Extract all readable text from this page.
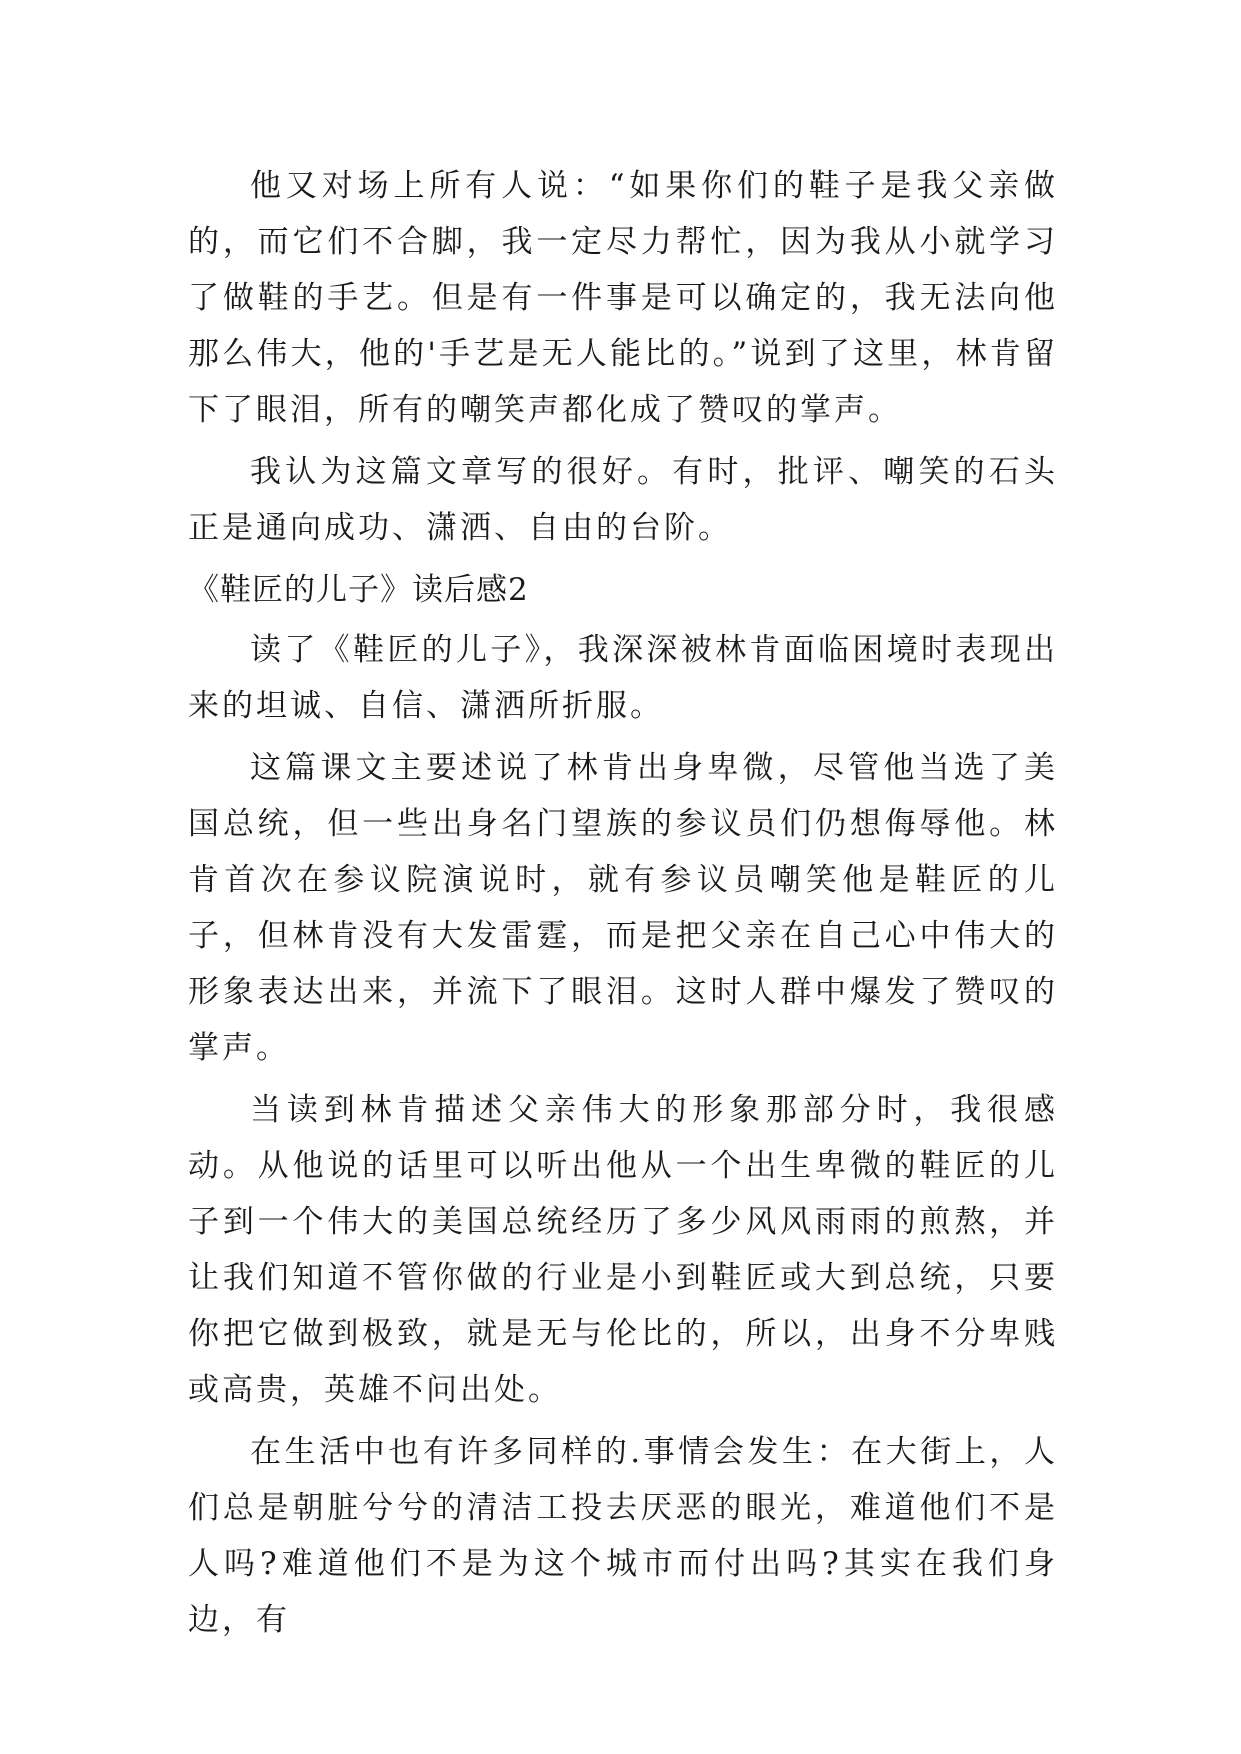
他又对场上所有人说：“如果你们的鞋子是我父亲做的，而它们不合脚，我一定尽力帮忙，因为我从小就学习了做鞋的手艺。但是有一件事是可以确定的，我无法向他那么伟大，他的'手艺是无人能比的。”说到了这里，林肯留下了眼泪，所有的嘲笑声都化成了赞叹的掌声。

我认为这篇文章写的很好。有时，批评、嘲笑的石头正是通向成功、潇洒、自由的台阶。

《鞋匠的儿子》读后感2

读了《鞋匠的儿子》，我深深被林肯面临困境时表现出来的坦诚、自信、潇洒所折服。

这篇课文主要述说了林肯出身卑微，尽管他当选了美国总统，但一些出身名门望族的参议员们仍想侮辱他。林肯首次在参议院演说时，就有参议员嘲笑他是鞋匠的儿子，但林肯没有大发雷霆，而是把父亲在自己心中伟大的形象表达出来，并流下了眼泪。这时人群中爆发了赞叹的掌声。

当读到林肯描述父亲伟大的形象那部分时，我很感动。从他说的话里可以听出他从一个出生卑微的鞋匠的儿子到一个伟大的美国总统经历了多少风风雨雨的煎熬，并让我们知道不管你做的行业是小到鞋匠或大到总统，只要你把它做到极致，就是无与伦比的，所以，出身不分卑贱或高贵，英雄不问出处。

在生活中也有许多同样的.事情会发生：在大街上，人们总是朝脏兮兮的清洁工投去厌恶的眼光，难道他们不是人吗?难道他们不是为这个城市而付出吗?其实在我们身边，有
